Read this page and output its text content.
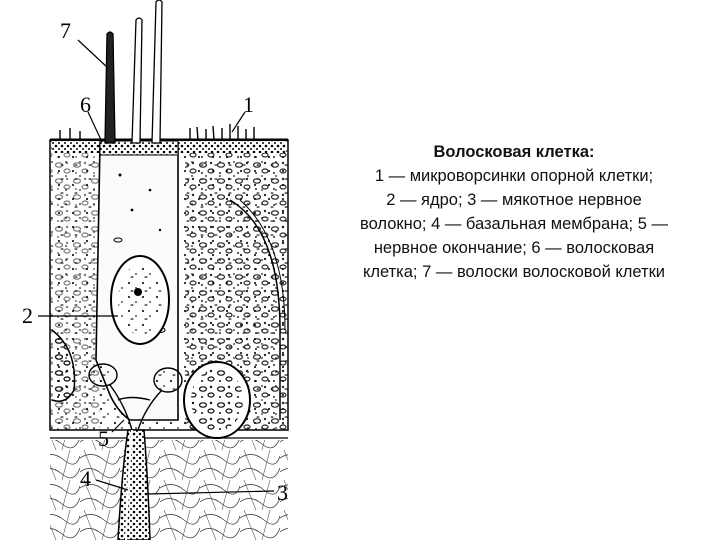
7
6	1
2
5
4
3
Волосковая клетка:
1 — микроворсинки опорной клетки;
2 — ядро; 3 — мякотное нервное
волокно; 4 — базальная мембрана; 5 —
нервное окончание; 6 — волосковая
клетка; 7 — волоски волосковой клетки
